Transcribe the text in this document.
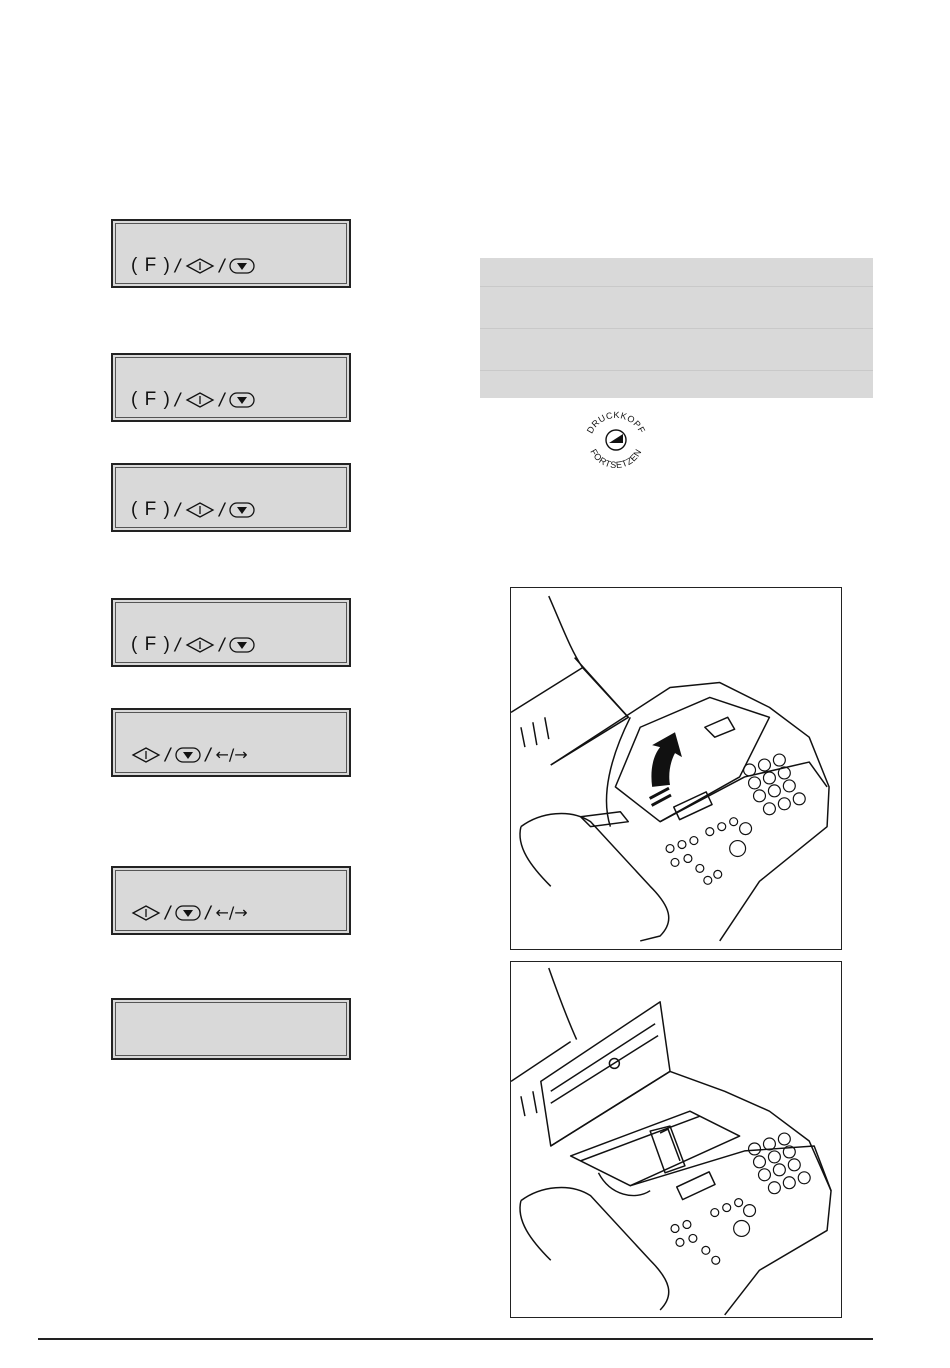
( F ) / /
( F ) / /
( F ) / /
( F ) / /
/ / ←/→
/ / ←/→
DRUCKKOPF
FORTSETZEN
